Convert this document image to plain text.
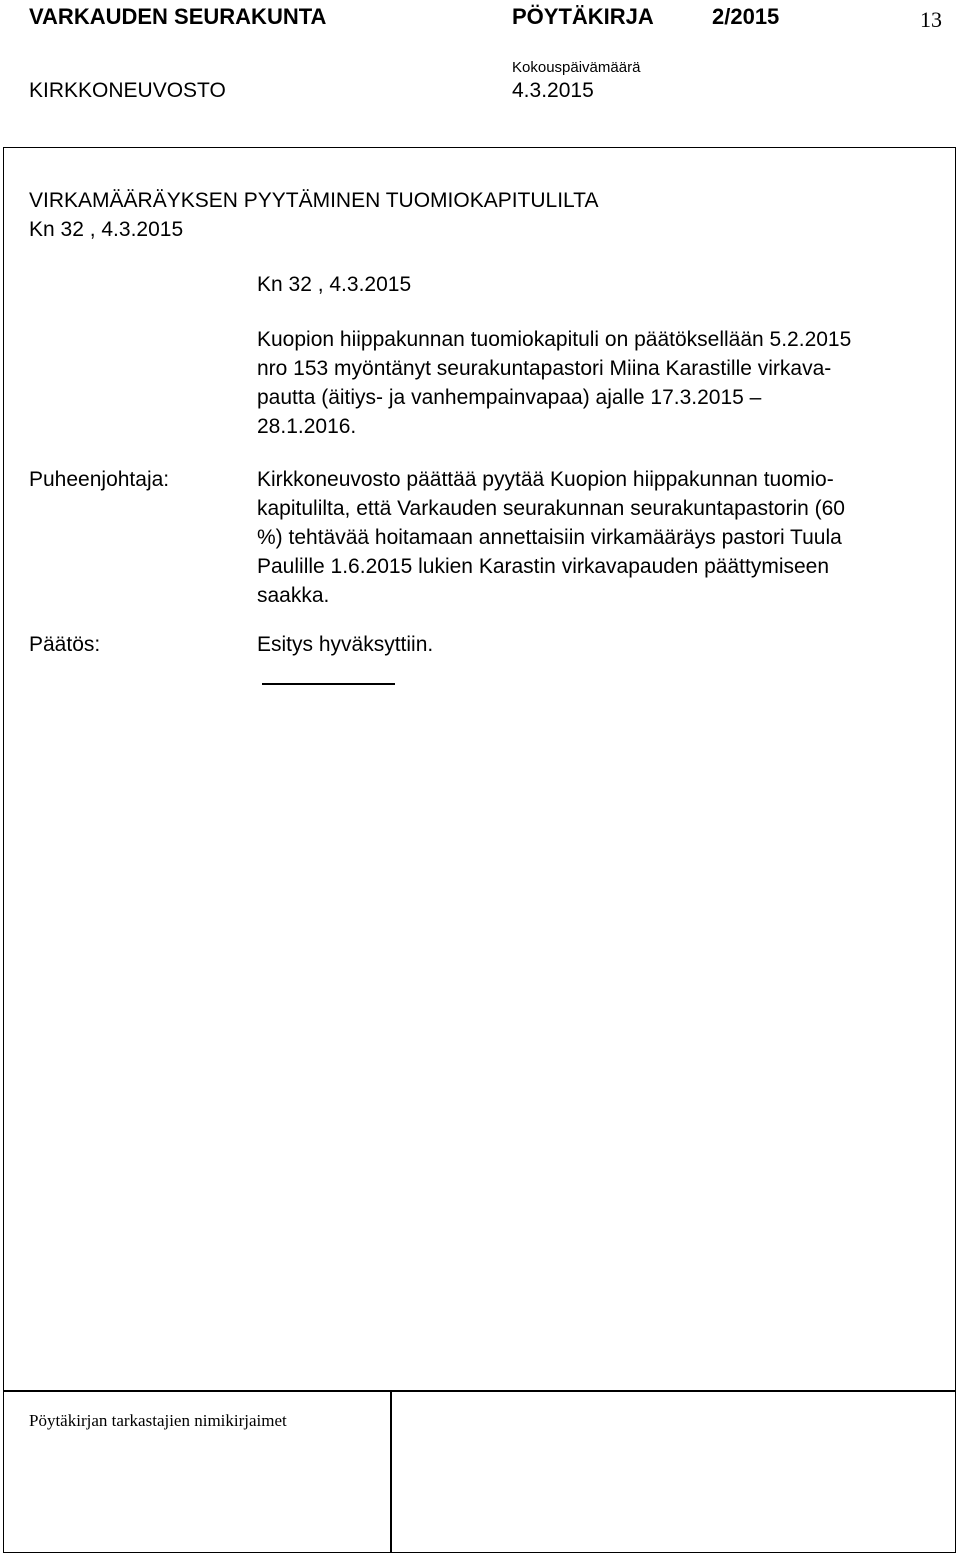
VARKAUDEN SEURAKUNTA	PÖYTÄKIRJA	2/2015	13
Kokouspäivämäärä
KIRKKONEUVOSTO	4.3.2015
VIRKAMÄÄRÄYKSEN PYYTÄMINEN TUOMIOKAPITULILTA
Kn 32 , 4.3.2015
Kn 32 , 4.3.2015
Kuopion hiippakunnan tuomiokapituli on päätöksellään 5.2.2015
nro 153 myöntänyt seurakuntapastori Miina Karastille virkava-
pautta (äitiys- ja vanhempainvapaa) ajalle 17.3.2015 –
28.1.2016.
Puheenjohtaja:	Kirkkoneuvosto päättää pyytää Kuopion hiippakunnan tuomio-
kapitulilta, että Varkauden seurakunnan seurakuntapastorin (60
%) tehtävää hoitamaan annettaisiin virkamääräys pastori Tuula
Paulille 1.6.2015 lukien Karastin virkavapauden päättymiseen
saakka.
Päätös:	Esitys hyväksyttiin.
Pöytäkirjan tarkastajien nimikirjaimet
